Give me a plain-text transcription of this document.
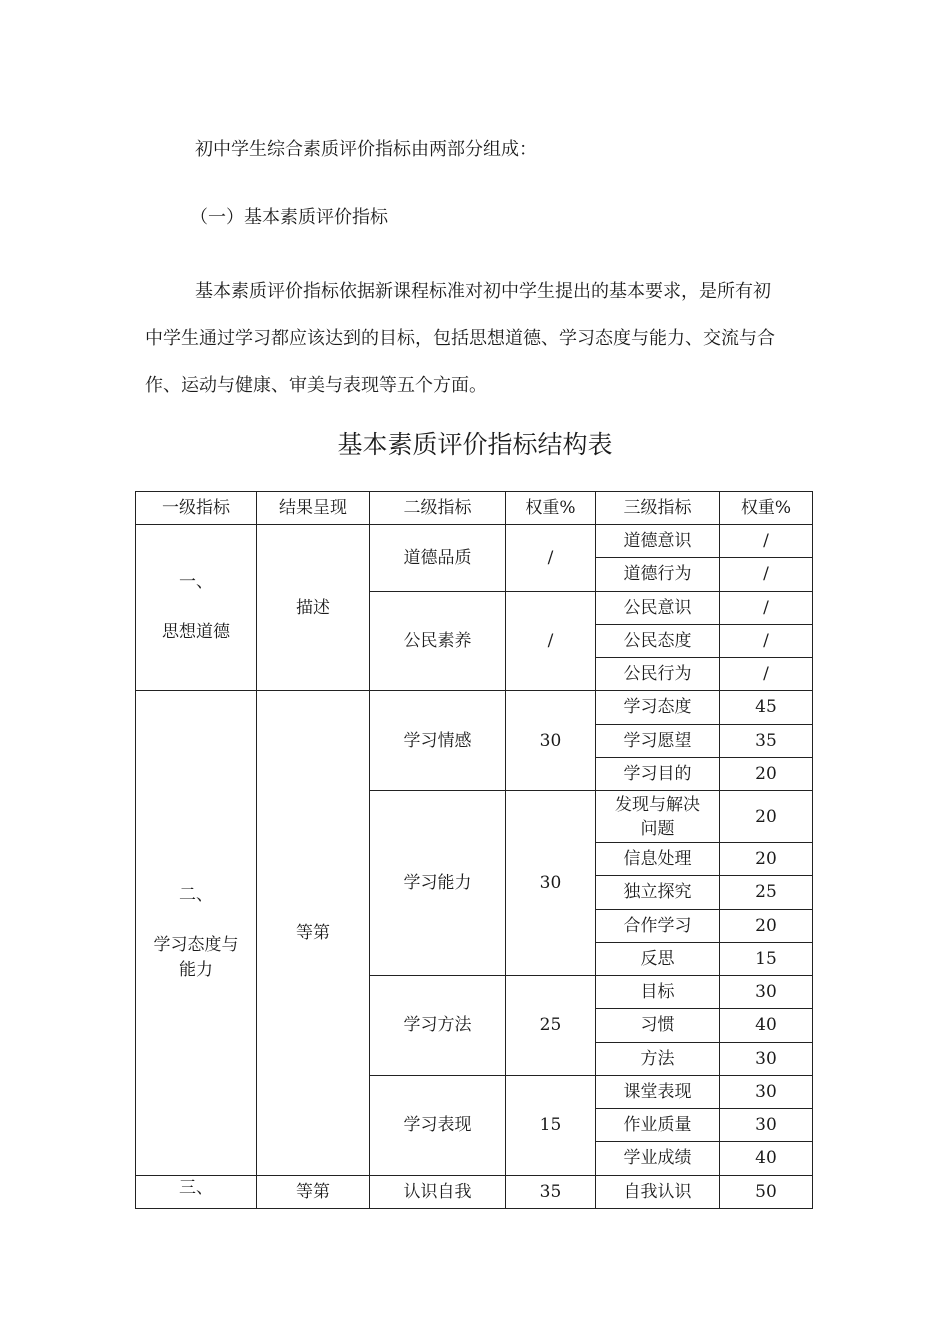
初中学生综合素质评价指标由两部分组成：
（一）基本素质评价指标
基本素质评价指标依据新课程标准对初中学生提出的基本要求，是所有初
中学生通过学习都应该达到的目标，包括思想道德、学习态度与能力、交流与合
作、运动与健康、审美与表现等五个方面。
基本素质评价指标结构表
一级指标	结果呈现	二级指标	权重%	三级指标	权重%
一、

思想道德	描述	道德品质	/	道德意识	/
				道德行为	/
		公民素养	/	公民意识	/
				公民态度	/
				公民行为	/
二、

学习态度与
能力	等第	学习情感	30	学习态度	45
				学习愿望	35
				学习目的	20
		学习能力	30	发现与解决
问题	20
				信息处理	20
				独立探究	25
				合作学习	20
				反思	15
		学习方法	25	目标	30
				习惯	40
				方法	30
		学习表现	15	课堂表现	30
				作业质量	30
				学业成绩	40
三、	等第	认识自我	35	自我认识	50
